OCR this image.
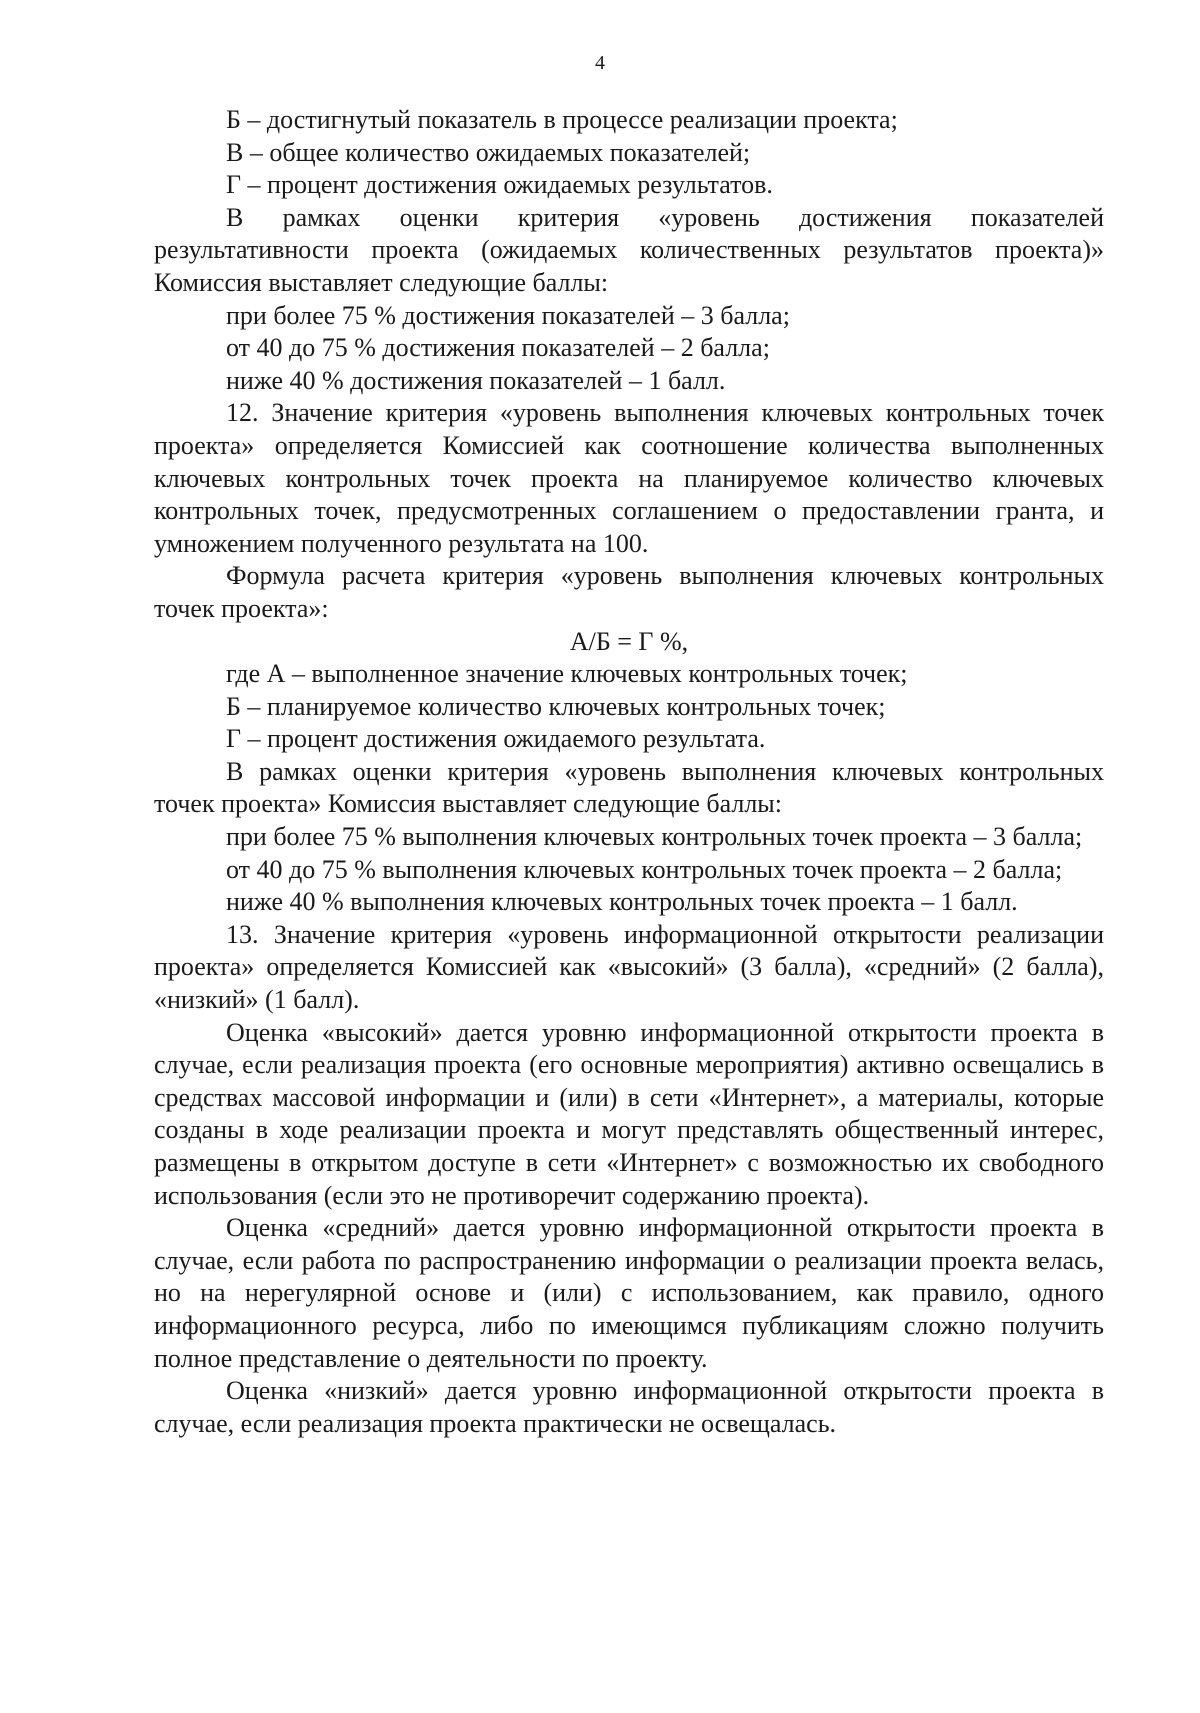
4

Б – достигнутый показатель в процессе реализации проекта;

В – общее количество ожидаемых показателей;

Г – процент достижения ожидаемых результатов.

В рамках оценки критерия «уровень достижения показателей результативности проекта (ожидаемых количественных результатов проекта)» Комиссия выставляет следующие баллы:

при более 75 % достижения показателей – 3 балла;

от 40 до 75 % достижения показателей – 2 балла;

ниже 40 % достижения показателей – 1 балл.

12. Значение критерия «уровень выполнения ключевых контрольных точек проекта» определяется Комиссией как соотношение количества выполненных ключевых контрольных точек проекта на планируемое количество ключевых контрольных точек, предусмотренных соглашением о предоставлении гранта, и умножением полученного результата на 100.

Формула расчета критерия «уровень выполнения ключевых контрольных точек проекта»:

А/Б = Г %,

где А – выполненное значение ключевых контрольных точек;

Б – планируемое количество ключевых контрольных точек;

Г – процент достижения ожидаемого результата.

В рамках оценки критерия «уровень выполнения ключевых контрольных точек проекта» Комиссия выставляет следующие баллы:

при более 75 % выполнения ключевых контрольных точек проекта – 3 балла;

от 40 до 75 % выполнения ключевых контрольных точек проекта – 2 балла;

ниже 40 % выполнения ключевых контрольных точек проекта – 1 балл.

13. Значение критерия «уровень информационной открытости реализации проекта» определяется Комиссией как «высокий» (3 балла), «средний» (2 балла), «низкий» (1 балл).

Оценка «высокий» дается уровню информационной открытости проекта в случае, если реализация проекта (его основные мероприятия) активно освещались в средствах массовой информации и (или) в сети «Интернет», а материалы, которые созданы в ходе реализации проекта и могут представлять общественный интерес, размещены в открытом доступе в сети «Интернет» с возможностью их свободного использования (если это не противоречит содержанию проекта).

Оценка «средний» дается уровню информационной открытости проекта в случае, если работа по распространению информации о реализации проекта велась, но на нерегулярной основе и (или) с использованием, как правило, одного информационного ресурса, либо по имеющимся публикациям сложно получить полное представление о деятельности по проекту.

Оценка «низкий» дается уровню информационной открытости проекта в случае, если реализация проекта практически не освещалась.
